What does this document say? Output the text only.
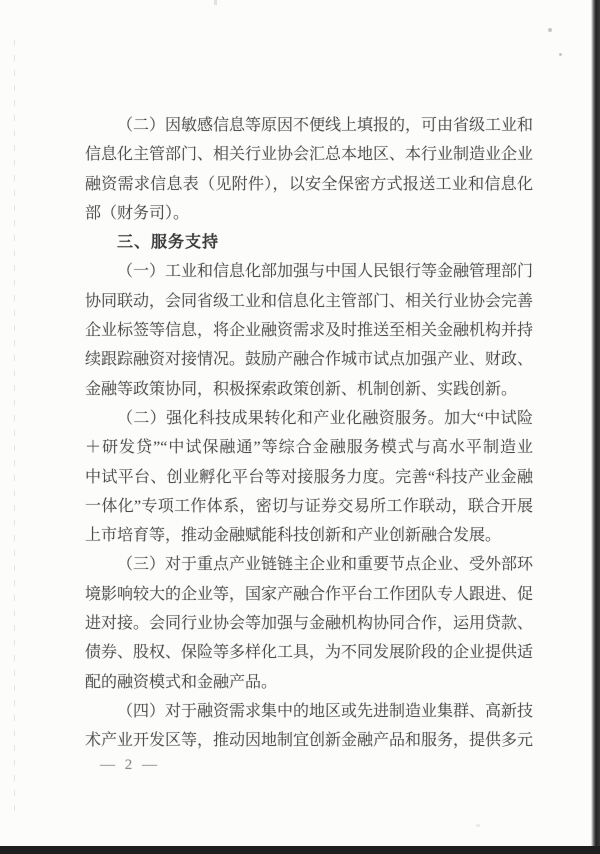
（二）因敏感信息等原因不便线上填报的，可由省级工业和
信息化主管部门、相关行业协会汇总本地区、本行业制造业企业
融资需求信息表（见附件），以安全保密方式报送工业和信息化
部（财务司）。
三、服务支持
（一）工业和信息化部加强与中国人民银行等金融管理部门
协同联动，会同省级工业和信息化主管部门、相关行业协会完善
企业标签等信息，将企业融资需求及时推送至相关金融机构并持
续跟踪融资对接情况。鼓励产融合作城市试点加强产业、财政、
金融等政策协同，积极探索政策创新、机制创新、实践创新。
（二）强化科技成果转化和产业化融资服务。加大“中试险
＋研发贷”“中试保融通”等综合金融服务模式与高水平制造业
中试平台、创业孵化平台等对接服务力度。完善“科技产业金融
一体化”专项工作体系，密切与证券交易所工作联动，联合开展
上市培育等，推动金融赋能科技创新和产业创新融合发展。
（三）对于重点产业链链主企业和重要节点企业、受外部环
境影响较大的企业等，国家产融合作平台工作团队专人跟进、促
进对接。会同行业协会等加强与金融机构协同合作，运用贷款、
债券、股权、保险等多样化工具，为不同发展阶段的企业提供适
配的融资模式和金融产品。
（四）对于融资需求集中的地区或先进制造业集群、高新技
术产业开发区等，推动因地制宜创新金融产品和服务，提供多元
— 2 —
